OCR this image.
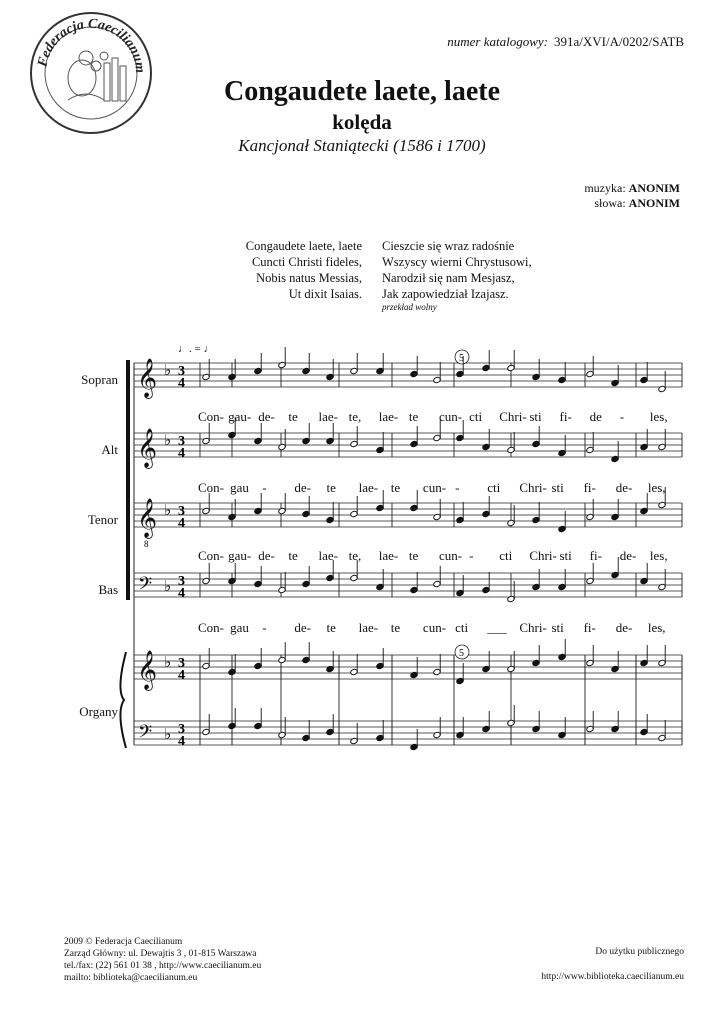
Federacja Caecilianum
numer katalogowy: 391a/XVI/A/0202/SATB
Congaudete laete, laete
kolęda
Kancjonał Staniątecki (1586 i 1700)
muzyka: ANONIM
słowa: ANONIM
Congaudete laete, laete
Cuncti Christi fideles,
Nobis natus Messias,
Ut dixit Isaias.
Cieszcie się wraz radośnie
Wszyscy wierni Chrystusowi,
Narodził się nam Mesjasz,
Jak zapowiedział Izajasz.
przekład wolny
Sopran
Alt
Tenor
Bas
Organy
♩. = ♩
𝄞 ♭ 3
4
𝄞 ♭ 3
4
𝄞
8
♭ 3
4
𝄢 ♭ 3
4
𝄞 ♭ 3
4
𝄢 ♭ 3
4
5
5
Con- gau- de- te lae- te, lae- te cun- cti Chri- sti fi- de - les,
Con- gau - de- te lae- te cun- - cti Chri- sti fi- de- les,
Con- gau- de- te lae- te, lae- te cun- - cti Chri- sti fi- de- les,
Con- gau - de- te lae- te cun- cti ___ Chri- sti fi- de- les,
2009 © Federacja Caecilianum
Zarząd Główny: ul. Dewajtis 3 , 01-815 Warszawa
tel./fax: (22) 561 01 38 , http://www.caecilianum.eu
mailto: biblioteka@caecilianum.eu
Do użytku publicznego
http://www.biblioteka.caecilianum.eu
